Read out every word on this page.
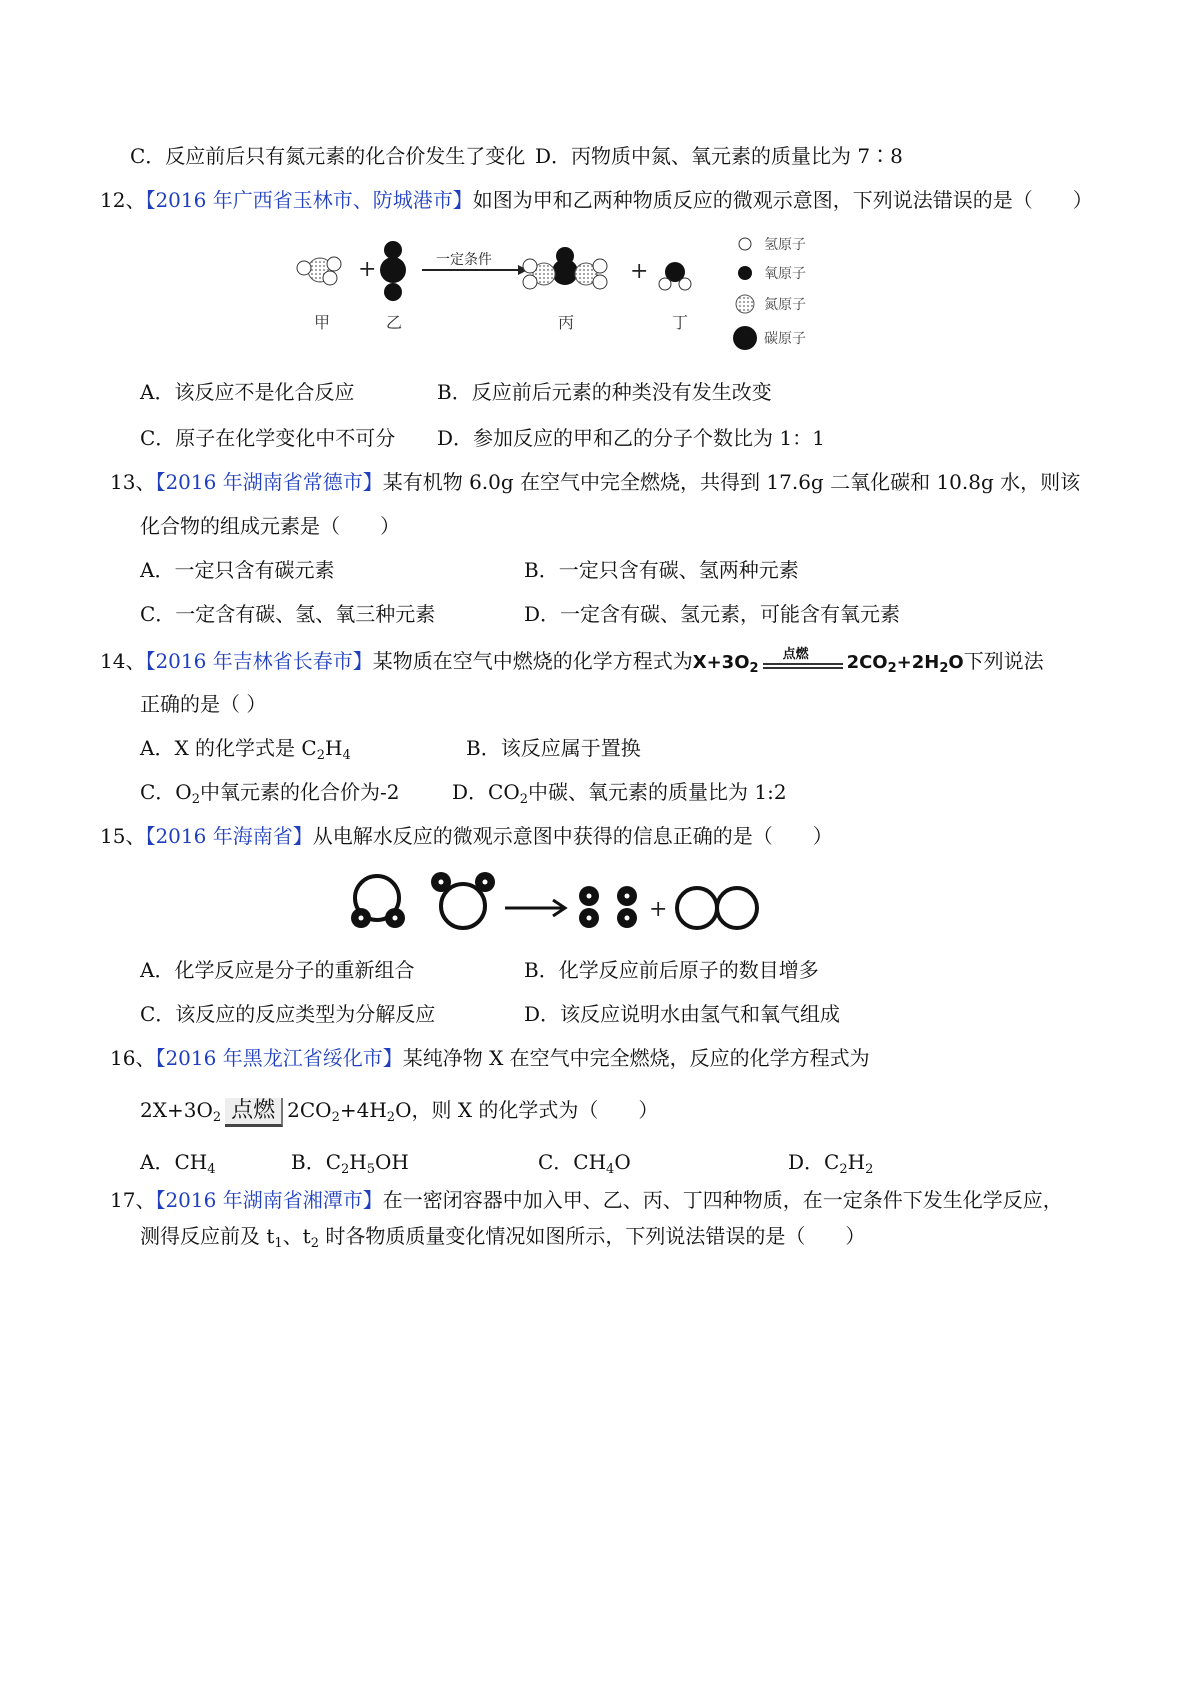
C．反应前后只有氮元素的化合价发生了变化 D．丙物质中氮、氧元素的质量比为 7∶8
12、【2016 年广西省玉林市、防城港市】如图为甲和乙两种物质反应的微观示意图，下列说法错误的是（　　）
+	一定条件	+
甲	乙	丙	丁
氢原子
氧原子
氮原子
碳原子
A．该反应不是化合反应	B．反应前后元素的种类没有发生改变
C．原子在化学变化中不可分 D．参加反应的甲和乙的分子个数比为 1：1
13、【2016 年湖南省常德市】某有机物 6.0g 在空气中完全燃烧，共得到 17.6g 二氧化碳和 10.8g 水，则该
化合物的组成元素是（　　）
A．一定只含有碳元素	B．一定只含有碳、氢两种元素
C．一定含有碳、氢、氧三种元素	D．一定含有碳、氢元素，可能含有氧元素
14、【2016 年吉林省长春市】某物质在空气中燃烧的化学方程式为$X+3O_2$
点燃 $2CO_2+2H_2O$下列说法
正确的是（ ）
A．X 的化学式是 $C_2H_4$	B．该反应属于置换
C．$O_2$中氧元素的化合价为-2	D．$CO_2$中碳、氧元素的质量比为 1:2
15、【2016 年海南省】从电解水反应的微观示意图中获得的信息正确的是（　　）
+
A．化学反应是分子的重新组合	B．化学反应前后原子的数目增多
C．该反应的反应类型为分解反应	D．该反应说明水由氢气和氧气组成
16、【2016 年黑龙江省绥化市】某纯净物 X 在空气中完全燃烧，反应的化学方程式为
$2X+3O_2$ 点燃 $2CO_2+4H_2O$，则 X 的化学式为（　　）
A．$CH_4$	B．$C_2H_5OH$	C．$CH_4O$	D．$C_2H_2$
17、【2016 年湖南省湘潭市】在一密闭容器中加入甲、乙、丙、丁四种物质，在一定条件下发生化学反应，
测得反应前及 $t_1$、$t_2$ 时各物质质量变化情况如图所示，下列说法错误的是（　　）
